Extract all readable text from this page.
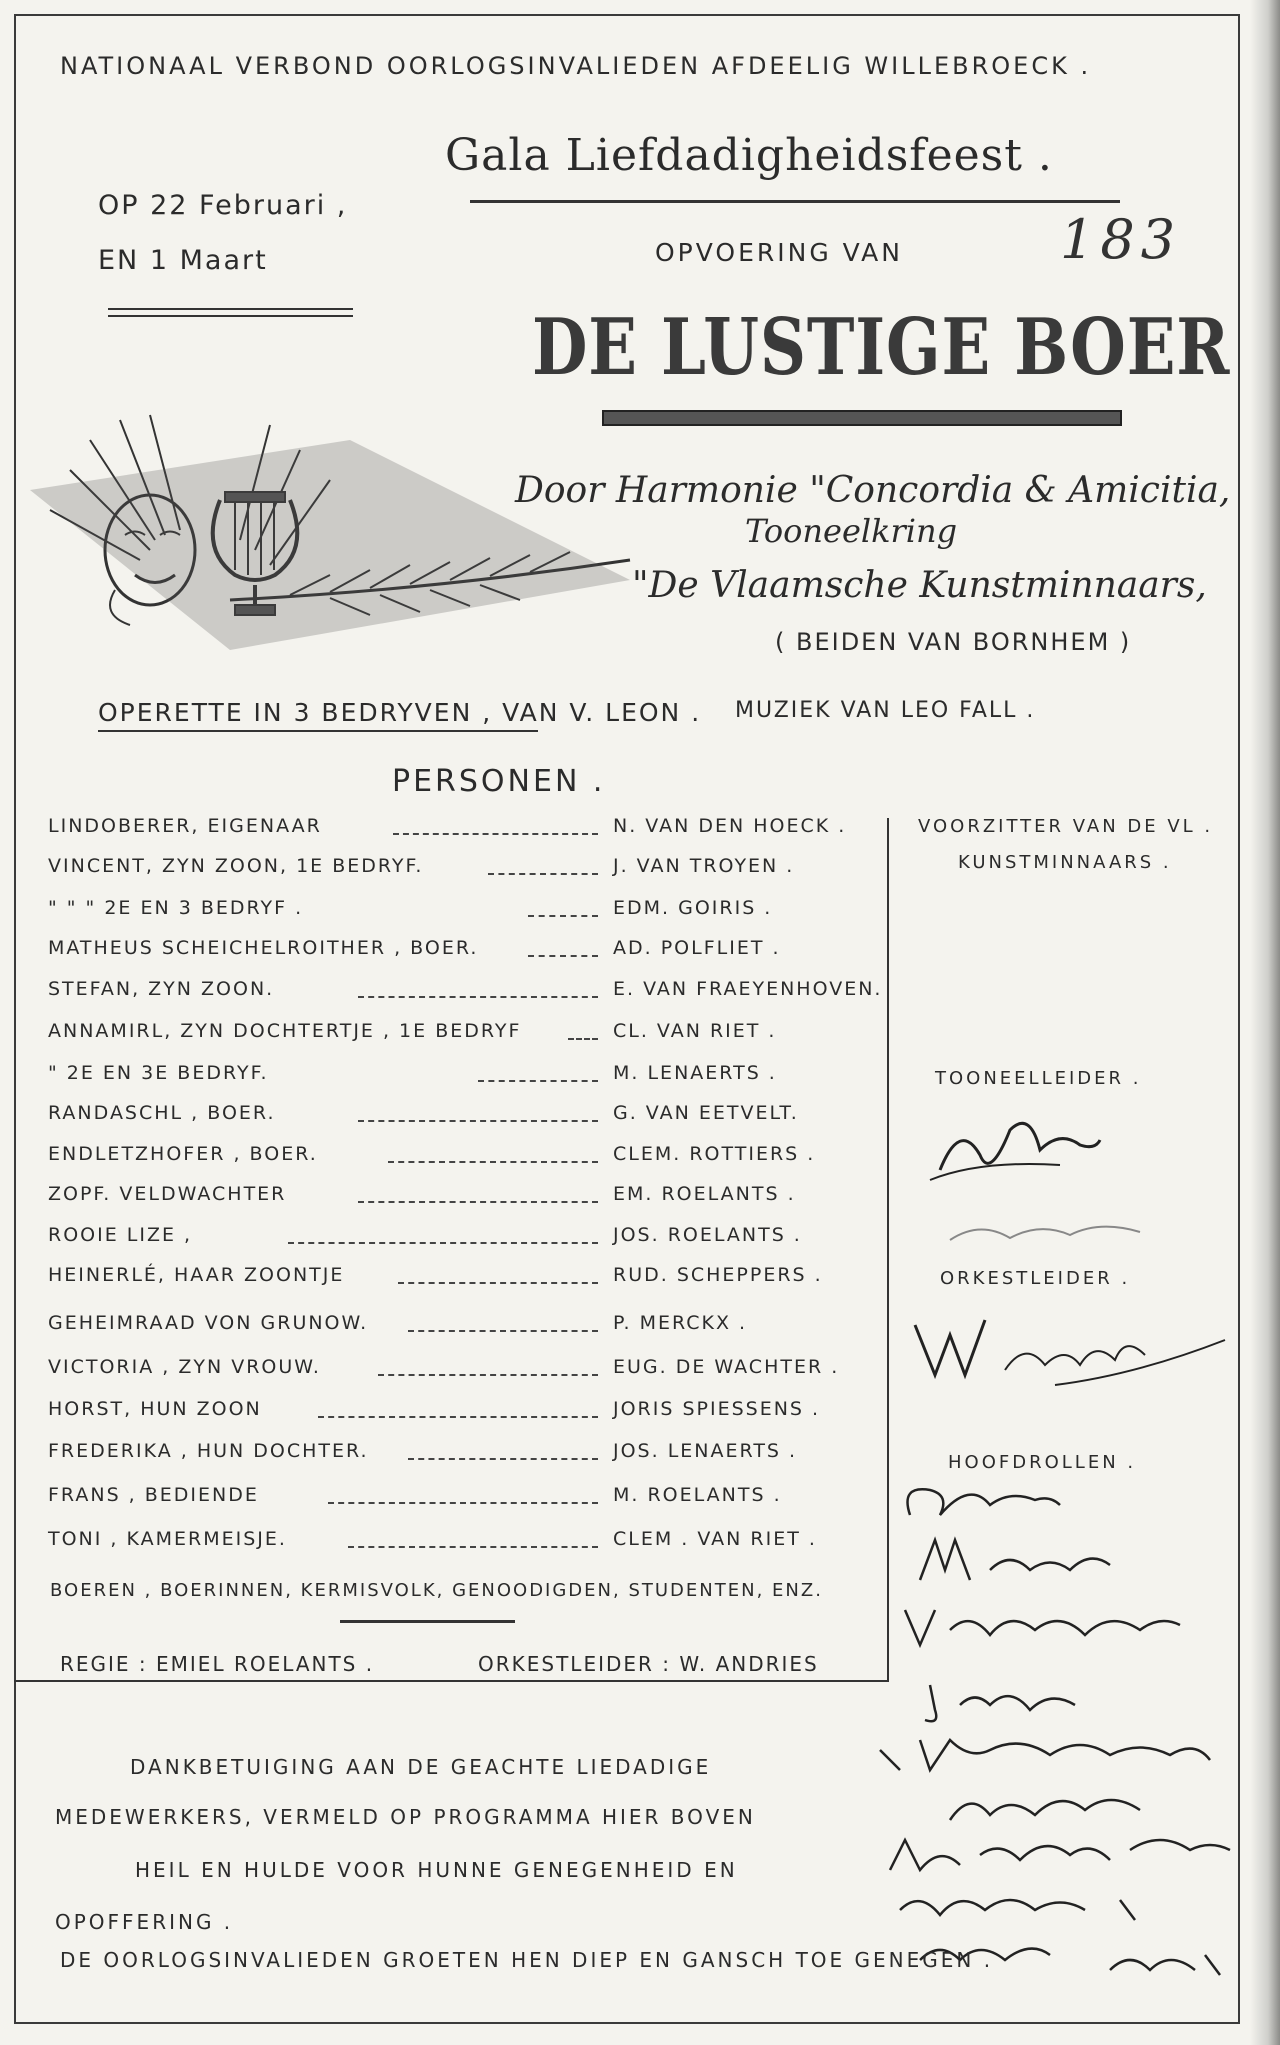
NATIONAAL VERBOND OORLOGSINVALIEDEN AFDEELIG WILLEBROECK .
Gala Liefdadigheidsfeest .
OP 22 Februari ,
EN 1 Maart	OPVOERING VAN	183
DE LUSTIGE BOER
Door Harmonie "Concordia & Amicitia,
Tooneelkring
"De Vlaamsche Kunstminnaars,
( BEIDEN VAN BORNHEM )
OPERETTE IN 3 BEDRYVEN , VAN V. LEON . MUZIEK VAN LEO FALL .
PERSONEN .
LINDOBERER, EIGENAAR	N. VAN DEN HOECK .
VINCENT, ZYN ZOON, 1E BEDRYF.	J. VAN TROYEN .
" " " 2E EN 3 BEDRYF .	EDM. GOIRIS .
MATHEUS SCHEICHELROITHER , BOER.	AD. POLFLIET .
STEFAN, ZYN ZOON.	E. VAN FRAEYENHOVEN.
ANNAMIRL, ZYN DOCHTERTJE , 1E BEDRYF	CL. VAN RIET .
" 2E EN 3E BEDRYF.	M. LENAERTS .
RANDASCHL , BOER.	G. VAN EETVELT.
ENDLETZHOFER , BOER.	CLEM. ROTTIERS .
ZOPF. VELDWACHTER	EM. ROELANTS .
ROOIE LIZE ,	JOS. ROELANTS .
HEINERLÉ, HAAR ZOONTJE	RUD. SCHEPPERS .
GEHEIMRAAD VON GRUNOW.	P. MERCKX .
VICTORIA , ZYN VROUW.	EUG. DE WACHTER .
HORST, HUN ZOON	JORIS SPIESSENS .
FREDERIKA , HUN DOCHTER.	JOS. LENAERTS .
FRANS , BEDIENDE	M. ROELANTS .
TONI , KAMERMEISJE.	CLEM . VAN RIET .
BOEREN , BOERINNEN, KERMISVOLK, GENOODIGDEN, STUDENTEN, ENZ.
REGIE : EMIEL ROELANTS .	ORKESTLEIDER : W. ANDRIES
VOORZITTER VAN DE VL .
KUNSTMINNAARS .
TOONEELLEIDER .
ORKESTLEIDER .
HOOFDROLLEN .
DANKBETUIGING AAN DE GEACHTE LIEDADIGE
MEDEWERKERS, VERMELD OP PROGRAMMA HIER BOVEN
HEIL EN HULDE VOOR HUNNE GENEGENHEID EN
OPOFFERING .
DE OORLOGSINVALIEDEN GROETEN HEN DIEP EN GANSCH TOE GENEGEN .
